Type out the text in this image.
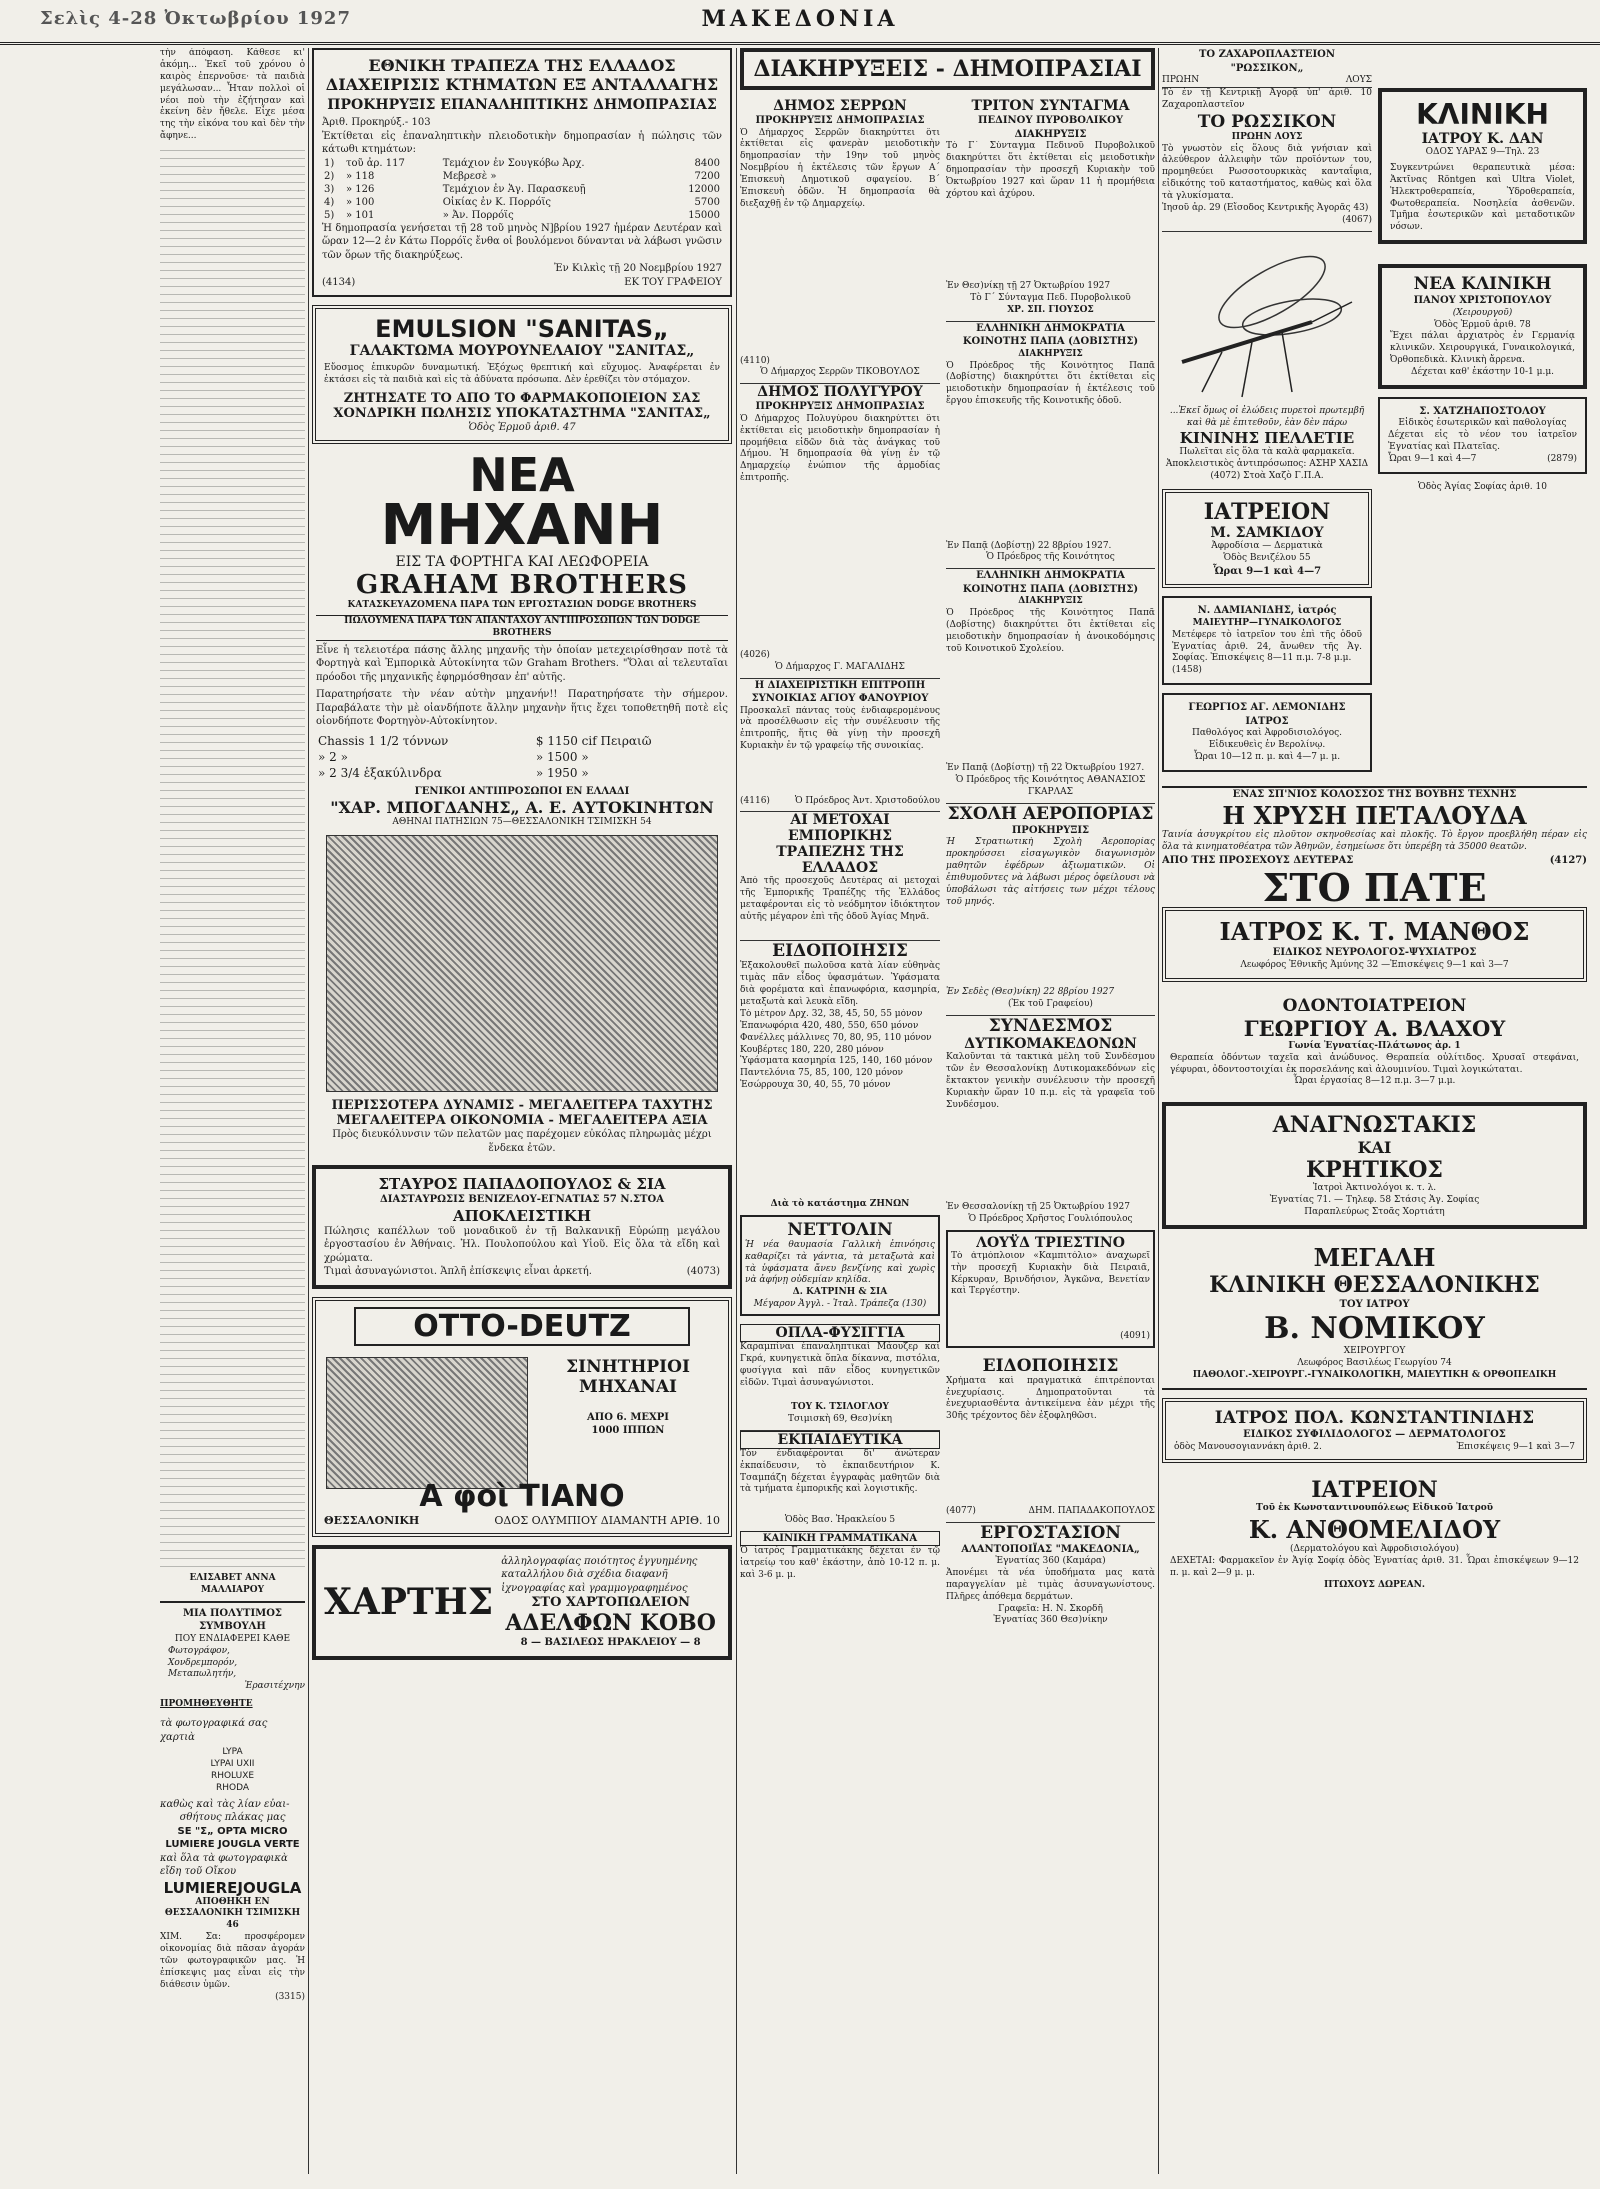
Σελὶς 4-28 Ὀκτωβρίου 1927	ΜΑΚΕΔΟΝΙΑ
τὴν ἀπόφαση. Κάθεσε κι' ἀκόμη... Ἐκεῖ τοῦ χρόνου ὁ καιρὸς ἐπερνοῦσε· τὰ παιδιὰ μεγάλωσαν... Ἦταν πολλοὶ οἱ νέοι ποὺ τὴν ἐζήτησαν καὶ ἐκείνη δὲν ἤθελε. Εἶχε μέσα της τὴν εἰκόνα του καὶ δὲν τὴν ἄφηνε...
ΕΛΙΣΑΒΕΤ ΑΝΝΑ ΜΑΛΛΙΑΡΟΥ
ΜΙΑ ΠΟΛΥΤΙΜΟΣ ΣΥΜΒΟΥΛΗ
ΠΟΥ ΕΝΔΙΑΦΕΡΕΙ ΚΑΘΕ
Φωτογράφον,
Χονδρεμπορόν,
Μεταπωλητήν,
Ἐρασιτέχνην
ΠΡΟΜΗΘΕΥΘΗΤΕ
τὰ φωτογραφικά σας χαρτιὰ
LYPA
LYPAI UXII
RHOLUXE
RHODA
καθὼς καὶ τὰς λίαν εὐαι-
σθήτους πλάκας μας
SE "Σ„ OPTA MICRO LUMIERE JOUGLA VERTE
καὶ ὅλα τὰ φωτογραφικὰ εἴδη τοῦ Οἴκου
LUMIEREJOUGLA
ΑΠΟΘΗΚΗ ΕΝ ΘΕΣΣΑΛΟΝΙΚΗ ΤΣΙΜΙΣΚΗ 46
ΧΙΜ. Σα: προσφέρομεν οἰκονομίας διὰ πᾶσαν ἀγοράν τῶν φωτογραφικῶν μας. Ἡ ἐπίσκεψις μας εἶναι εἰς τὴν διάθεσιν ὑμῶν.
(3315)
ΕΘΝΙΚΗ ΤΡΑΠΕΖΑ ΤΗΣ ΕΛΛΑΔΟΣ
ΔΙΑΧΕΙΡΙΣΙΣ ΚΤΗΜΑΤΩΝ ΕΞ ΑΝΤΑΛΛΑΓΗΣ
ΠΡΟΚΗΡΥΞΙΣ ΕΠΑΝΑΛΗΠΤΙΚΗΣ ΔΗΜΟΠΡΑΣΙΑΣ
Ἀριθ. Προκηρύξ.- 103
Ἐκτίθεται εἰς ἐπαναληπτικὴν πλειοδοτικὴν δημοπρασίαν ἡ πώλησις τῶν κάτωθι κτημάτων:
1)	τοῦ ἀρ. 117	Τεμάχιον ἐν Σουγκόβω Ἀρχ.	8400
2)	» 118	Μεβρεσὲ »	7200
3)	» 126	Τεμάχιον ἐν Ἁγ. Παρασκευῇ	12000
4)	» 100	Οἰκίας ἐν Κ. Πορρόϊς	5700
5)	» 101	» Ἀν. Πορρόϊς	15000
Ἡ δημοπρασία γενήσεται τῇ 28 τοῦ μηνὸς Ν]βρίου 1927 ἡμέραν Δευτέραν καὶ ὥραν 12—2 ἐν Κάτω Πορρόϊς ἔνθα οἱ βουλόμενοι δύνανται νὰ λάβωσι γνῶσιν τῶν ὅρων τῆς διακηρύξεως.
Ἐν Κιλκὶς τῇ 20 Νοεμβρίου 1927
(4134)	ΕΚ ΤΟΥ ΓΡΑΦΕΙΟΥ
EMULSION "SANITAS„
ΓΑΛΑΚΤΩΜΑ ΜΟΥΡΟΥΝΕΛΑΙΟΥ "ΣΑΝΙΤΑΣ„
Εὔοσμος ἐπικυρῶν δυναμωτική. Ἐξόχως θρεπτική καὶ εὔχυμος. Ἀναφέρεται ἐν ἐκτάσει εἰς τὰ παιδιὰ καὶ εἰς τὰ ἀδύνατα πρόσωπα. Δὲν ἐρεθίζει τὸν στόμαχον.
ΖΗΤΗΣΑΤΕ ΤΟ ΑΠΟ ΤΟ ΦΑΡΜΑΚΟΠΟΙΕΙΟΝ ΣΑΣ
ΧΟΝΔΡΙΚΗ ΠΩΛΗΣΙΣ ΥΠΟΚΑΤΑΣΤΗΜΑ "ΣΑΝΙΤΑΣ„
Ὁδὸς Ἑρμοῦ ἀριθ. 47
ΝΕΑ
ΜΗΧΑΝΗ
ΕΙΣ ΤΑ ΦΟΡΤΗΓΑ ΚΑΙ ΛΕΩΦΟΡΕΙΑ
GRAHAM BROTHERS
ΚΑΤΑΣΚΕΥΑΖΟΜΕΝΑ ΠΑΡΑ ΤΩΝ ΕΡΓΟΣΤΑΣΙΩΝ DODGE BROTHERS
ΠΩΛΟΥΜΕΝΑ ΠΑΡΑ ΤΩΝ ΑΠΑΝΤΑΧΟΥ ΑΝΤΙΠΡΟΣΩΠΩΝ ΤΩΝ DODGE BROTHERS
Εἶνε ἡ τελειοτέρα πάσης ἄλλης μηχανῆς τὴν ὁποίαν μετεχειρίσθησαν ποτὲ τὰ Φορτηγὰ καὶ Ἐμπορικὰ Αὐτοκίνητα τῶν Graham Brothers. "Ὅλαι αἱ τελευταῖαι πρόοδοι τῆς μηχανικῆς ἐφηρμόσθησαν ἐπ' αὐτῆς.
Παρατηρήσατε τὴν νέαν αὐτὴν μηχανήν!! Παρατηρήσατε τὴν σήμερον. Παραβάλατε τὴν μὲ οἱανδήποτε ἄλλην μηχανὴν ἥτις ἔχει τοποθετηθῆ ποτὲ εἰς οἱονδήποτε Φορτηγὸν-Αὐτοκίνητον.
Chassis 1 1/2 τόννων	$ 1150 cif Πειραιῶ
» 2 »	» 1500 »
» 2 3/4 ἑξακύλινδρα	» 1950 »
ΓΕΝΙΚΟΙ ΑΝΤΙΠΡΟΣΩΠΟΙ ΕΝ ΕΛΛΑΔΙ
"ΧΑΡ. ΜΠΟΓΔΑΝΗΣ„ Α. Ε. ΑΥΤΟΚΙΝΗΤΩΝ
ΑΘΗΝΑΙ ΠΑΤΗΣΙΩΝ 75—ΘΕΣΣΑΛΟΝΙΚΗ ΤΣΙΜΙΣΚΗ 54
ΠΕΡΙΣΣΟΤΕΡΑ ΔΥΝΑΜΙΣ - ΜΕΓΑΛΕΙΤΕΡΑ ΤΑΧΥΤΗΣ
ΜΕΓΑΛΕΙΤΕΡΑ ΟΙΚΟΝΟΜΙΑ - ΜΕΓΑΛΕΙΤΕΡΑ ΑΞΙΑ
Πρὸς διευκόλυνσιν τῶν πελατῶν μας παρέχομεν εὐκόλας πληρωμὰς μέχρι ἕνδεκα ἐτῶν.
ΣΤΑΥΡΟΣ ΠΑΠΑΔΟΠΟΥΛΟΣ & ΣΙΑ
ΔΙΑΣΤΑΥΡΩΣΙΣ ΒΕΝΙΖΕΛΟΥ-ΕΓΝΑΤΙΑΣ 57 Ν.ΣΤΟΑ
ΑΠΟΚΛΕΙΣΤΙΚΗ
Πώλησις καπέλλων τοῦ μοναδικοῦ ἐν τῇ Βαλκανικῇ Εὐρώπῃ μεγάλου ἐργοστασίου ἐν Ἀθήναις. Ἠλ. Πουλοπούλου καὶ Υἱοῦ. Εἰς ὅλα τὰ εἴδη καὶ χρώματα.
Τιμαὶ ἀσυναγώνιστοι. Ἁπλῆ ἐπίσκεψις εἶναι ἀρκετή.	(4073)
OTTO-DEUTZ
ΣΙΝΗΤΗΡΙΟΙ
ΜΗΧΑΝΑΙ
ΑΠΟ 6. ΜΕΧΡΙ
1000 ΙΠΠΩΝ
Α φοὶ ΤΙΑΝΟ
ΘΕΣΣΑΛΟΝΙΚΗ	ΟΔΟΣ ΟΛΥΜΠΙΟΥ ΔΙΑΜΑΝΤΗ ΑΡΙΘ. 10
ΧΑΡΤΗΣ
ἀλληλογραφίας ποιότητος ἐγγυημένης καταλλήλου διὰ σχέδια διαφανῆ ἰχνογραφίας καὶ γραμμογραφημένος
ΣΤΟ ΧΑΡΤΟΠΩΛΕΙΟΝ
ΑΔΕΛΦΩΝ ΚΟΒΟ
8 — ΒΑΣΙΛΕΩΣ ΗΡΑΚΛΕΙΟΥ — 8
ΔΙΑΚΗΡΥΞΕΙΣ - ΔΗΜΟΠΡΑΣΙΑΙ
ΔΗΜΟΣ ΣΕΡΡΩΝ
ΠΡΟΚΗΡΥΞΙΣ ΔΗΜΟΠΡΑΣΙΑΣ
Ὁ Δήμαρχος Σερρῶν διακηρύττει ὅτι ἐκτίθεται εἰς φανερὰν μειοδοτικὴν δημοπρασίαν τὴν 19ην τοῦ μηνὸς Νοεμβρίου ἡ ἐκτέλεσις τῶν ἔργων Α΄ Ἐπισκευὴ Δημοτικοῦ σφαγείου. Β΄ Ἐπισκευὴ ὁδῶν. Ἡ δημοπρασία θὰ διεξαχθῇ ἐν τῷ Δημαρχείῳ.
(4110)
Ὁ Δήμαρχος Σερρῶν ΤΙΚΟΒΟΥΛΟΣ
ΔΗΜΟΣ ΠΟΛΥΓΥΡΟΥ
ΠΡΟΚΗΡΥΞΙΣ ΔΗΜΟΠΡΑΣΙΑΣ
Ὁ Δήμαρχος Πολυγύρου διακηρύττει ὅτι ἐκτίθεται εἰς μειοδοτικὴν δημοπρασίαν ἡ προμήθεια εἰδῶν διὰ τὰς ἀνάγκας τοῦ Δήμου. Ἡ δημοπρασία θὰ γίνῃ ἐν τῷ Δημαρχείῳ ἐνώπιον τῆς ἁρμοδίας ἐπιτροπῆς.
(4026)
Ὁ Δήμαρχος Γ. ΜΑΓΑΛΙΔΗΣ
Η ΔΙΑΧΕΙΡΙΣΤΙΚΗ ΕΠΙΤΡΟΠΗ
ΣΥΝΟΙΚΙΑΣ ΑΓΙΟΥ ΦΑΝΟΥΡΙΟΥ
Προσκαλεῖ πάντας τοὺς ἐνδιαφερομένους νὰ προσέλθωσιν εἰς τὴν συνέλευσιν τῆς ἐπιτροπῆς, ἥτις θὰ γίνῃ τὴν προσεχῆ Κυριακὴν ἐν τῷ γραφείῳ τῆς συνοικίας.
(4116)	Ὁ Πρόεδρος Ἀντ. Χριστοδούλου
ΑΙ ΜΕΤΟΧΑΙ ΕΜΠΟΡΙΚΗΣ
ΤΡΑΠΕΖΗΣ ΤΗΣ ΕΛΛΑΔΟΣ
Ἀπὸ τῆς προσεχοῦς Δευτέρας αἱ μετοχαὶ τῆς Ἐμπορικῆς Τραπέζης τῆς Ἑλλάδος μεταφέρονται εἰς τὸ νεόδμητον ἰδιόκτητον αὐτῆς μέγαρον ἐπὶ τῆς ὁδοῦ Ἁγίας Μηνᾶ.
ΕΙΔΟΠΟΙΗΣΙΣ
Ἐξακολουθεῖ πωλοῦσα κατὰ λίαν εὐθηνὰς τιμὰς πᾶν εἶδος ὑφασμάτων. Ὑφάσματα διὰ φορέματα καὶ ἐπανωφόρια, κασμηρία, μεταξωτὰ καὶ λευκὰ εἴδη.
Τὸ μέτρον Δρχ. 32, 38, 45, 50, 55 μόνον
Ἐπανωφόρια 420, 480, 550, 650 μόνον
Φανέλλες μάλλινες 70, 80, 95, 110 μόνον
Κουβέρτες 180, 220, 280 μόνον
Ὑφάσματα κασμηρία 125, 140, 160 μόνον
Παντελόνια 75, 85, 100, 120 μόνον
Ἐσώρρουχα 30, 40, 55, 70 μόνον
Διὰ τὸ κατάστημα ΖΗΝΩΝ
ΝΕΤΤΟΛΙΝ
Ἡ νέα θαυμασία Γαλλικὴ ἐπινόησις καθαρίζει τὰ γάντια, τὰ μεταξωτὰ καὶ τὰ ὑφάσματα ἄνευ βενζίνης καὶ χωρὶς νὰ ἀφήνῃ οὐδεμίαν κηλίδα.
Δ. ΚΑΤΡΙΝΗ & ΣΙΑ
Μέγαρον Ἀγγλ. - Ἰταλ. Τράπεζα (130)
ΟΠΛΑ-ΦΥΣΙΓΓΙΑ
Καραμπίναι ἐπαναληπτικαὶ Μάουζερ καὶ Γκρά, κυνηγετικὰ ὅπλα δίκαννα, πιστόλια, φυσίγγια καὶ πᾶν εἶδος κυνηγετικῶν εἰδῶν. Τιμαὶ ἀσυναγώνιστοι.
ΤΟΥ Κ. ΤΣΙΛΟΓΛΟΥ
Τσιμισκὴ 69, Θεσ)νίκη
ΕΚΠΑΙΔΕΥΤΙΚΑ
Τὸν ἐνδιαφέρονται δι' ἀνώτεραν ἐκπαίδευσιν, τὸ ἐκπαιδευτήριον Κ. Τσαμπάζη δέχεται ἐγγραφὰς μαθητῶν διὰ τὰ τμήματα ἐμπορικῆς καὶ λογιστικῆς.
Ὁδὸς Βασ. Ἡρακλείου 5
ΚΑΙΝΙΚΗ ΓΡΑΜΜΑΤΙΚΑΝΑ
Ὁ ἰατρὸς Γραμματικάκης δέχεται ἐν τῷ ἰατρείῳ του καθ' ἑκάστην, ἀπὸ 10-12 π. μ. καὶ 3-6 μ. μ.
ΤΡΙΤΟΝ ΣΥΝΤΑΓΜΑ
ΠΕΔΙΝΟΥ ΠΥΡΟΒΟΛΙΚΟΥ
ΔΙΑΚΗΡΥΞΙΣ
Τὸ Γ΄ Σύνταγμα Πεδινοῦ Πυροβολικοῦ διακηρύττει ὅτι ἐκτίθεται εἰς μειοδοτικὴν δημοπρασίαν τὴν προσεχῆ Κυριακὴν τοῦ Ὀκτωβρίου 1927 καὶ ὥραν 11 ἡ προμήθεια χόρτου καὶ ἀχύρου.
Ἐν Θεσ)νίκῃ τῇ 27 Ὀκτωβρίου 1927
Τὸ Γ΄ Σύνταγμα Πεδ. Πυροβολικοῦ
ΧΡ. ΣΠ. ΓΙΟΥΣΟΣ
ΕΛΛΗΝΙΚΗ ΔΗΜΟΚΡΑΤΙΑ
ΚΟΙΝΟΤΗΣ ΠΑΠΑ (ΔΟΒΙΣΤΗΣ)
ΔΙΑΚΗΡΥΞΙΣ
Ὁ Πρόεδρος τῆς Κοινότητος Παπᾶ (Δοβίστης) διακηρύττει ὅτι ἐκτίθεται εἰς μειοδοτικὴν δημοπρασίαν ἡ ἐκτέλεσις τοῦ ἔργου ἐπισκευῆς τῆς Κοινοτικῆς ὁδοῦ.
Ἐν Παπᾷ (Δοβίστῃ) 22 8βρίου 1927.
Ὁ Πρόεδρος τῆς Κοινότητος
ΕΛΛΗΝΙΚΗ ΔΗΜΟΚΡΑΤΙΑ
ΚΟΙΝΟΤΗΣ ΠΑΠΑ (ΔΟΒΙΣΤΗΣ)
ΔΙΑΚΗΡΥΞΙΣ
Ὁ Πρόεδρος τῆς Κοινότητος Παπᾶ (Δοβίστης) διακηρύττει ὅτι ἐκτίθεται εἰς μειοδοτικὴν δημοπρασίαν ἡ ἀνοικοδόμησις τοῦ Κοινοτικοῦ Σχολείου.
Ἐν Παπᾷ (Δοβίστῃ) τῇ 22 Ὀκτωβρίου 1927.
Ὁ Πρόεδρος τῆς Κοινότητος ΑΘΑΝΑΣΙΟΣ ΓΚΑΡΛΑΣ
ΣΧΟΛΗ ΑΕΡΟΠΟΡΙΑΣ
ΠΡΟΚΗΡΥΞΙΣ
Ἡ Στρατιωτικὴ Σχολὴ Ἀεροπορίας προκηρύσσει εἰσαγωγικὸν διαγωνισμὸν μαθητῶν ἐφέδρων ἀξιωματικῶν. Οἱ ἐπιθυμοῦντες νὰ λάβωσι μέρος ὀφείλουσι νὰ ὑποβάλωσι τὰς αἰτήσεις των μέχρι τέλους τοῦ μηνός.
Ἐν Σεδὲς (Θεσ)νίκη) 22 8βρίου 1927
(Ἐκ τοῦ Γραφείου)
ΣΥΝΔΕΣΜΟΣ
ΔΥΤΙΚΟΜΑΚΕΔΟΝΩΝ
Καλοῦνται τὰ τακτικὰ μέλη τοῦ Συνδέσμου τῶν ἐν Θεσσαλονίκῃ Δυτικομακεδόνων εἰς ἔκτακτον γενικὴν συνέλευσιν τὴν προσεχῆ Κυριακὴν ὥραν 10 π.μ. εἰς τὰ γραφεῖα τοῦ Συνδέσμου.
Ἐν Θεσσαλονίκῃ τῇ 25 Ὀκτωβρίου 1927
Ὁ Πρόεδρος Χρῆστος Γουλιόπουλος
ΛΟΥΫΔ ΤΡΙΕΣΤΙΝΟ
Τὸ ἀτμόπλοιον «Καμπιτόλιο» ἀναχωρεῖ τὴν προσεχῆ Κυριακὴν διὰ Πειραιᾶ, Κέρκυραν, Βρινδήσιον, Ἀγκῶνα, Βενετίαν καὶ Τεργέστην.
(4091)
ΕΙΔΟΠΟΙΗΣΙΣ
Χρήματα καὶ πραγματικὰ ἐπιτρέπονται ἐνεχυρίασις. Δημοπρατοῦνται τὰ ἐνεχυριασθέντα ἀντικείμενα ἐὰν μέχρι τῆς 30ῆς τρέχοντος δὲν ἐξοφληθῶσι.
(4077)	ΔΗΜ. ΠΑΠΑΔΑΚΟΠΟΥΛΟΣ
ΕΡΓΟΣΤΑΣΙΟΝ
ΑΛΑΝΤΟΠΟΙΪΑΣ "ΜΑΚΕΔΟΝΙΑ„
Ἐγνατίας 360 (Καμάρα)
Ἀπονέμει τὰ νέα ὑποδήματα μας κατὰ παραγγελίαν μὲ τιμὰς ἀσυναγωνίστους. Πλῆρες ἀπόθεμα δερμάτων.
Γραφεῖα: Η. Ν. Σκορδῆ
Ἐγνατίας 360 Θεσ)νίκην
ΤΟ ΖΑΧΑΡΟΠΛΑΣΤΕΙΟΝ
"ΡΩΣΣΙΚΟΝ„
ΠΡΩΗΝ	ΛΟΥΣ
Τὸ ἐν τῇ Κεντρικῇ Ἀγορᾷ ὑπ' ἀριθ. 10 Ζαχαροπλαστεῖον
ΤΟ ΡΩΣΣΙΚΟΝ
ΠΡΩΗΝ ΛΟΥΣ
Τὸ γνωστὸν εἰς ὅλους διὰ γνήσιαν καὶ ἀλεύθερον ἀλλειφὴν τῶν προϊόντων του, προμηθεύει Ρωσσοτουρκικὰς κανταΐφια, εἰδικότης τοῦ καταστήματος, καθὼς καὶ ὅλα τὰ γλυκίσματα.
Ἰησοῦ ἀρ. 29 (Εἴσοδος Κεντρικῆς Ἀγορᾶς 43)
(4067)
...Ἐκεῖ ὅμως οἱ ἐλώδεις πυρετοὶ πρωτεμβῆ καὶ θὰ μὲ ἐπιτεθοῦν, ἐὰν δὲν πάρω
ΚΙΝΙΝΗΣ ΠΕΛΛΕΤΙΕ
Πωλεῖται εἰς ὅλα τὰ καλὰ φαρμακεῖα.
Ἀποκλειστικὸς ἀντιπρόσωπος: ΑΣΗΡ ΧΑΣΙΔ
(4072) Στοὰ Χαζὸ Γ.Π.Α.
ΙΑΤΡΕΙΟΝ
Μ. ΣΑΜΚΙΔΟΥ
Ἀφροδίσια — Δερματικὰ
Ὁδὸς Βενιζέλου 55
Ὧραι 9—1 καὶ 4—7
Ν. ΔΑΜΙΑΝΙΔΗΣ, ἰατρός
ΜΑΙΕΥΤΗΡ—ΓΥΝΑΙΚΟΛΟΓΟΣ
Μετέφερε τὸ ἰατρεῖον του ἐπὶ τῆς ὁδοῦ Ἐγνατίας ἀριθ. 24, ἄνωθεν τῆς Ἀγ. Σοφίας. Ἐπισκέψεις 8—11 π.μ. 7-8 μ.μ.
(1458)
ΓΕΩΡΓΙΟΣ ΑΓ. ΛΕΜΟΝΙΔΗΣ
ΙΑΤΡΟΣ
Παθολόγος καὶ Ἀφροδισιολόγος. Εἰδικευθεὶς ἐν Βερολίνῳ.
Ὧραι 10—12 π. μ. καὶ 4—7 μ. μ.
ΚΛΙΝΙΚΗ
ΙΑΤΡΟΥ Κ. ΔΑΝ
ΟΔΟΣ ΥΑΡΑΣ 9—Τηλ. 23
Συγκεντρώνει θεραπευτικὰ μέσα: Ἀκτῖνας Röntgen καὶ Ultra Violet, Ἠλεκτροθεραπεία, Ὑδροθεραπεία, Φωτοθεραπεία. Νοσηλεία ἀσθενῶν. Τμῆμα ἐσωτερικῶν καὶ μεταδοτικῶν νόσων.
ΝΕΑ ΚΛΙΝΙΚΗ
ΠΑΝΟΥ ΧΡΙΣΤΟΠΟΥΛΟΥ
(Χειρουργοῦ)
Ὁδὸς Ἑρμοῦ ἀριθ. 78
Ἔχει πάλαι ἀρχιατρὸς ἐν Γερμανίᾳ κλινικῶν. Χειρουργικά, Γυναικολογικά, Ὀρθοπεδικὰ. Κλινικὴ ἄρρενα.
Δέχεται καθ' ἑκάστην 10-1 μ.μ.
Σ. ΧΑΤΖΗΑΠΟΣΤΟΛΟΥ
Εἰδικὸς ἐσωτερικῶν καὶ παθολογίας
Δέχεται εἰς τὸ νέον του ἰατρεῖον Ἐγνατίας καὶ Πλατεῖας.
Ὧραι 9—1 καὶ 4—7	(2879)
Ὁδὸς Ἁγίας Σοφίας ἀριθ. 10
ΕΝΑΣ ΣΠ'ΝΙΟΣ ΚΟΛΟΣΣΟΣ ΤΗΣ ΒΟΥΒΗΣ ΤΕΧΝΗΣ
Η ΧΡΥΣΗ ΠΕΤΑΛΟΥΔΑ
Ταινία ἀσυγκρίτου εἰς πλοῦτον σκηνοθεσίας καὶ πλοκῆς. Τὸ ἔργον προεβλήθη πέραν εἰς ὅλα τὰ κινηματοθέατρα τῶν Ἀθηνῶν, ἐσημείωσε ὅτι ὑπερέβη τὰ 35000 θεατῶν.
ΑΠΟ ΤΗΣ ΠΡΟΣΕΧΟΥΣ ΔΕΥΤΕΡΑΣ	(4127)
ΣΤΟ ΠΑΤΕ
ΙΑΤΡΟΣ Κ. Τ. ΜΑΝΘΟΣ
ΕΙΔΙΚΟΣ ΝΕΥΡΟΛΟΓΟΣ-ΨΥΧΙΑΤΡΟΣ
Λεωφόρος Ἐθνικῆς Ἀμύνης 32 —Ἐπισκέψεις 9—1 καὶ 3—7
ΟΔΟΝΤΟΙΑΤΡΕΙΟΝ
ΓΕΩΡΓΙΟΥ Α. ΒΛΑΧΟΥ
Γωνία Ἐγνατίας-Πλάτωνος ἀρ. 1
Θεραπεία ὀδόντων ταχεῖα καὶ ἀνώδυνος. Θεραπεία οὐλίτιδος. Χρυσαῖ στεφάναι, γέφυραι, ὀδοντοστοιχίαι ἐκ πορσελάνης καὶ ἀλουμινίου. Τιμαὶ λογικώταται.
Ὧραι ἐργασίας 8—12 π.μ. 3—7 μ.μ.
ΑΝΑΓΝΩΣΤΑΚΙΣ
ΚΑΙ
ΚΡΗΤΙΚΟΣ
Ἰατροὶ Ἀκτινολόγοι κ. τ. λ.
Ἐγνατίας 71. — Τηλεφ. 58 Στάσις Ἁγ. Σοφίας
Παραπλεύρως Στοᾶς Χορτιάτη
ΜΕΓΑΛΗ
ΚΛΙΝΙΚΗ ΘΕΣΣΑΛΟΝΙΚΗΣ
ΤΟΥ ΙΑΤΡΟΥ
Β. ΝΟΜΙΚΟΥ
ΧΕΙΡΟΥΡΓΟΥ
Λεωφόρος Βασιλέως Γεωργίου 74
ΠΑΘΟΛΟΓ.-ΧΕΙΡΟΥΡΓ.-ΓΥΝΑΙΚΟΛΟΓΙΚΗ, ΜΑΙΕΥΤΙΚΗ & ΟΡΘΟΠΕΔΙΚΗ
ΙΑΤΡΟΣ ΠΟΛ. ΚΩΝΣΤΑΝΤΙΝΙΔΗΣ
ΕΙΔΙΚΟΣ ΣΥΦΙΛΙΔΟΛΟΓΟΣ — ΔΕΡΜΑΤΟΛΟΓΟΣ
ὁδὸς Μανουσογιαννάκη ἀριθ. 2.	Ἐπισκέψεις 9—1 καὶ 3—7
ΙΑΤΡΕΙΟΝ
Τοῦ ἐκ Κωνσταντινουπόλεως Εἰδικοῦ Ἰατροῦ
Κ. ΑΝΘΟΜΕΛΙΔΟΥ
(Δερματολόγου καὶ Ἀφροδισιολόγου)
ΔΕΧΕΤΑΙ: Φαρμακεῖον ἐν Ἀγίᾳ Σοφίᾳ ὁδὸς Ἐγνατίας ἀριθ. 31. Ὧραι ἐπισκέψεων 9—12 π. μ. καὶ 2—9 μ. μ.
ΠΤΩΧΟΥΣ ΔΩΡΕΑΝ.
